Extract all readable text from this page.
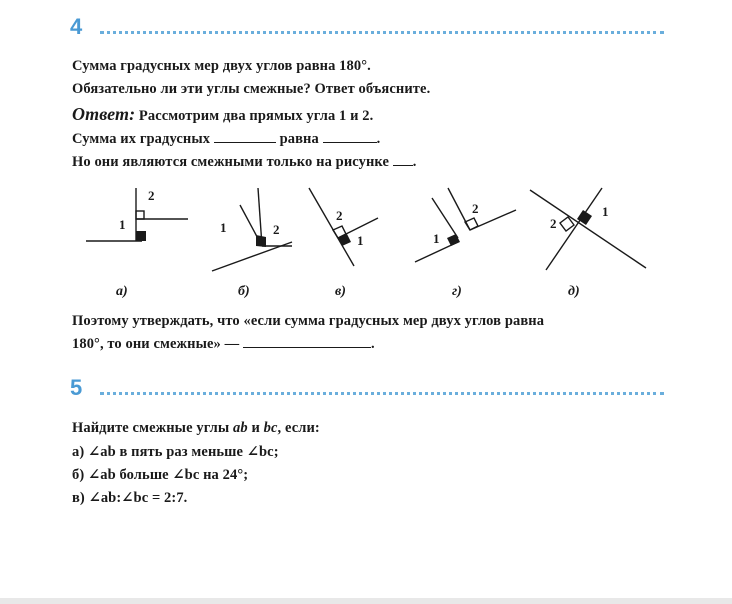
4
Сумма градусных мер двух углов равна 180°.
Обязательно ли эти углы смежные? Ответ объясните.
Ответ: Рассмотрим два прямых угла 1 и 2.
Сумма их градусных	равна	.
Но они являются смежными только на рисунке .
1
2
1	2
2
1	1
2
2
1
а)	б)	в)	г)	д)
Поэтому утверждать, что «если сумма градусных мер двух углов равна
180°, то они смежные» —	.
5
Найдите смежные углы ab и bc, если:
а) ∠ab в пять раз меньше ∠bc;
б) ∠ab больше ∠bc на 24°;
в) ∠ab:∠bc = 2:7.
